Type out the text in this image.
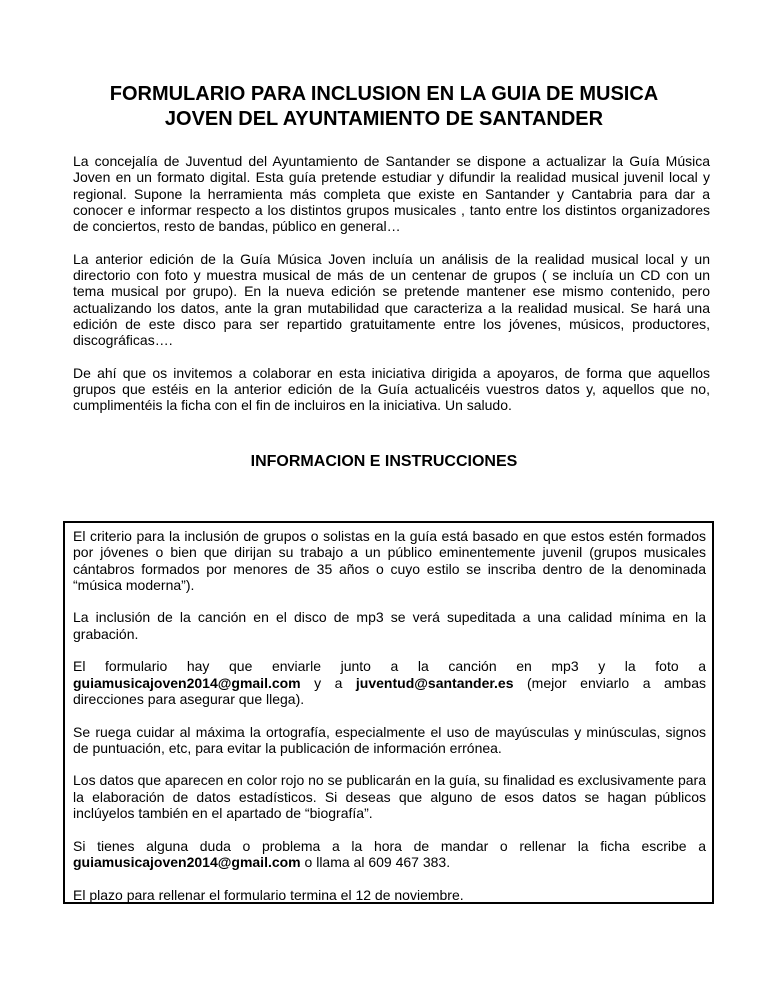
FORMULARIO PARA INCLUSION EN LA GUIA DE MUSICA
JOVEN DEL AYUNTAMIENTO DE SANTANDER

La concejalía de Juventud del Ayuntamiento de Santander se dispone a actualizar la Guía Música Joven en un formato digital. Esta guía pretende estudiar y difundir la realidad musical juvenil local y regional. Supone la herramienta más completa que existe en Santander y Cantabria para dar a conocer e informar respecto a los distintos grupos musicales , tanto entre los distintos organizadores de conciertos, resto de bandas, público en general…

La anterior edición de la Guía Música Joven incluía un análisis de la realidad musical local y un directorio con foto y muestra musical de más de un centenar de grupos ( se incluía un CD con un tema musical por grupo). En la nueva edición se pretende mantener ese mismo contenido, pero actualizando los datos, ante la gran mutabilidad que caracteriza a la realidad musical. Se hará una edición de este disco para ser repartido gratuitamente entre los jóvenes, músicos, productores, discográficas….

De ahí que os invitemos a colaborar en esta iniciativa dirigida a apoyaros, de forma que aquellos grupos que estéis en la anterior edición de la Guía actualicéis vuestros datos y, aquellos que no, cumplimentéis la ficha con el fin de incluiros en la iniciativa. Un saludo.

INFORMACION E INSTRUCCIONES

El criterio para la inclusión de grupos o solistas en la guía está basado en que estos estén formados por jóvenes o bien que dirijan su trabajo a un público eminentemente juvenil (grupos musicales cántabros formados por menores de 35 años o cuyo estilo se inscriba dentro de la denominada “música moderna”).

La inclusión de la canción en el disco de mp3 se verá supeditada a una calidad mínima en la grabación.

El formulario hay que enviarle junto a la canción en mp3 y la foto a guiamusicajoven2014@gmail.com y a juventud@santander.es (mejor enviarlo a ambas direcciones para asegurar que llega).

Se ruega cuidar al máxima la ortografía, especialmente el uso de mayúsculas y minúsculas, signos de puntuación, etc, para evitar la publicación de información errónea.

Los datos que aparecen en color rojo no se publicarán en la guía, su finalidad es exclusivamente para la elaboración de datos estadísticos. Si deseas que alguno de esos datos se hagan públicos inclúyelos también en el apartado de “biografía”.

Si tienes alguna duda o problema a la hora de mandar o rellenar la ficha escribe a guiamusicajoven2014@gmail.com o llama al 609 467 383.

El plazo para rellenar el formulario termina el 12 de noviembre.
